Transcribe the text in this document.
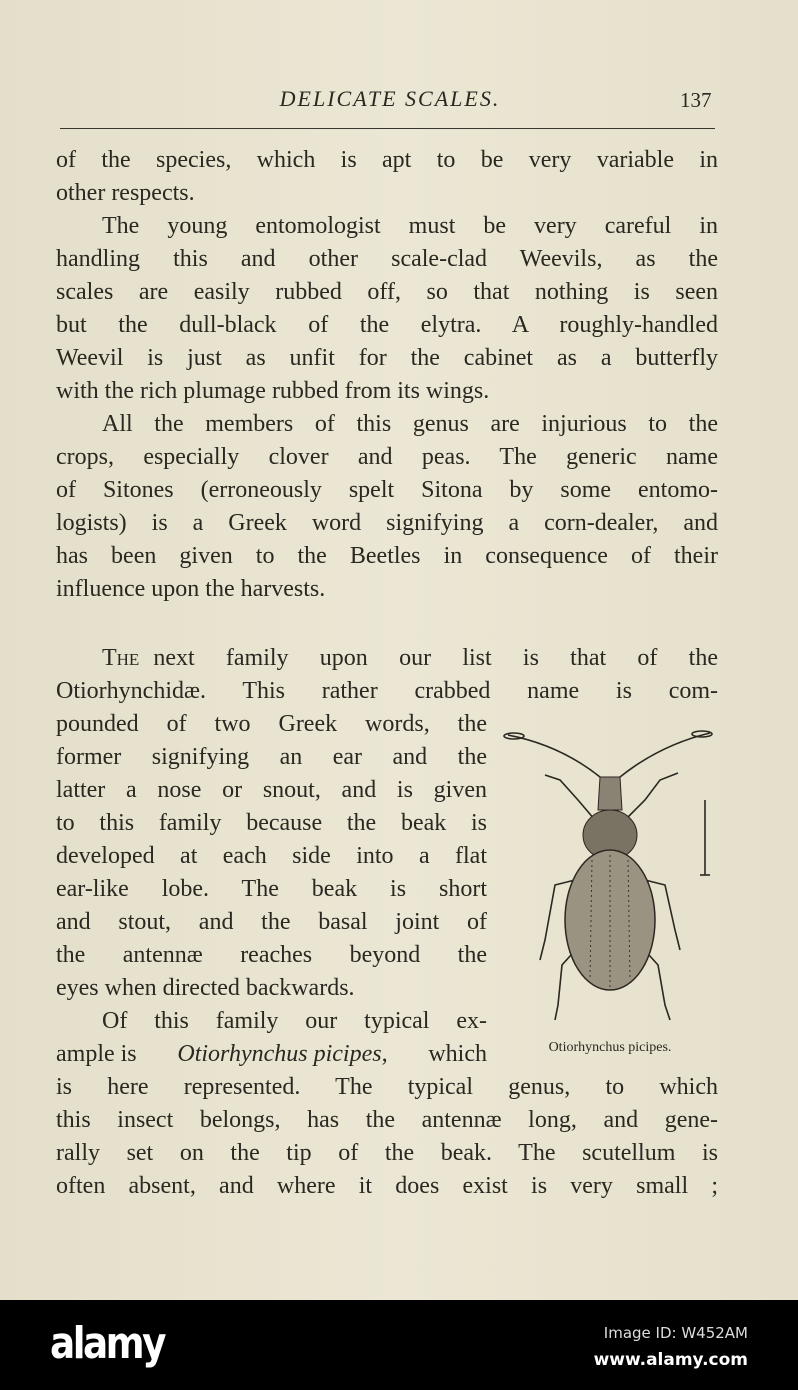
DELICATE SCALES.	137
of the species, which is apt to be very variable in
other respects.
The young entomologist must be very careful in
handling this and other scale-clad Weevils, as the
scales are easily rubbed off, so that nothing is seen
but the dull-black of the elytra. A roughly-handled
Weevil is just as unfit for the cabinet as a butterfly
with the rich plumage rubbed from its wings.
All the members of this genus are injurious to the
crops, especially clover and peas. The generic name
of Sitones (erroneously spelt Sitona by some entomo-
logists) is a Greek word signifying a corn-dealer, and
has been given to the Beetles in consequence of their
influence upon the harvests.
The next family upon our list is that of the
Otiorhynchidæ. This rather crabbed name is com-
pounded of two Greek words, the
former signifying an ear and the
latter a nose or snout, and is given
to this family because the beak is
developed at each side into a flat
ear-like lobe. The beak is short
and stout, and the basal joint of
the antennæ reaches beyond the
eyes when directed backwards.
Of this family our typical ex-
ample is Otiorhynchus picipes, which
is here represented. The typical genus, to which
this insect belongs, has the antennæ long, and gene-
rally set on the tip of the beak. The scutellum is
often absent, and where it does exist is very small ;
Otiorhynchus picipes.
alamy	Image ID: W452AM
www.alamy.com
